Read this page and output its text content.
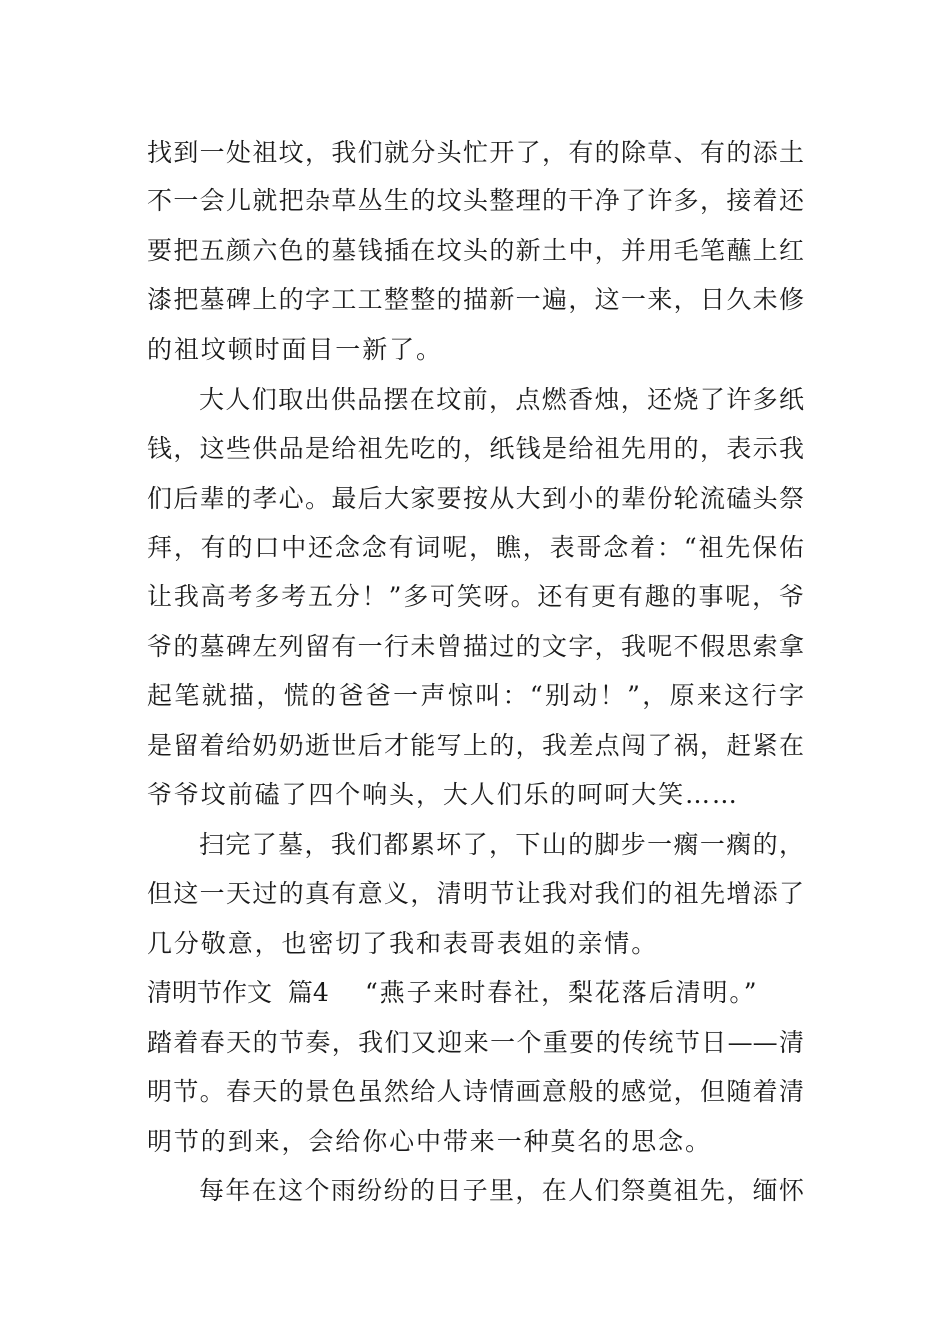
找到一处祖坟，我们就分头忙开了，有的除草、有的添土
不一会儿就把杂草丛生的坟头整理的干净了许多，接着还
要把五颜六色的墓钱插在坟头的新土中，并用毛笔蘸上红
漆把墓碑上的字工工整整的描新一遍，这一来，日久未修
的祖坟顿时面目一新了。
大人们取出供品摆在坟前，点燃香烛，还烧了许多纸
钱，这些供品是给祖先吃的，纸钱是给祖先用的，表示我
们后辈的孝心。最后大家要按从大到小的辈份轮流磕头祭
拜，有的口中还念念有词呢，瞧，表哥念着：“祖先保佑
让我高考多考五分！”多可笑呀。还有更有趣的事呢，爷
爷的墓碑左列留有一行未曾描过的文字，我呢不假思索拿
起笔就描，慌的爸爸一声惊叫：“别动！”，原来这行字
是留着给奶奶逝世后才能写上的，我差点闯了祸，赶紧在
爷爷坟前磕了四个响头，大人们乐的呵呵大笑……
扫完了墓，我们都累坏了，下山的脚步一瘸一瘸的，
但这一天过的真有意义，清明节让我对我们的祖先增添了
几分敬意，也密切了我和表哥表姐的亲情。
清明节作文  篇4 “燕子来时春社，梨花落后清明。”
踏着春天的节奏，我们又迎来一个重要的传统节日——清
明节。春天的景色虽然给人诗情画意般的感觉，但随着清
明节的到来，会给你心中带来一种莫名的思念。
每年在这个雨纷纷的日子里，在人们祭奠祖先，缅怀
